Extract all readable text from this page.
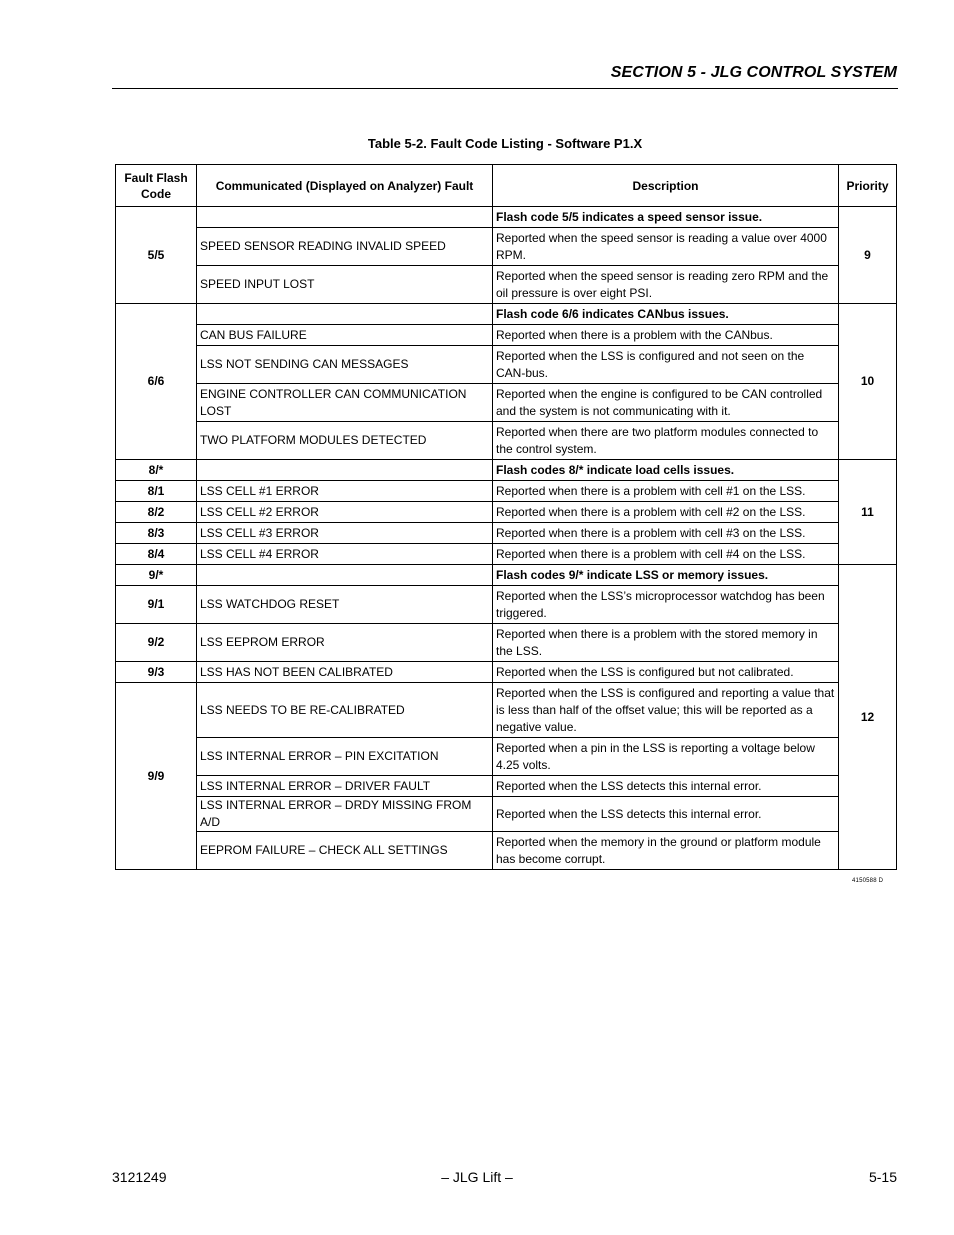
SECTION 5 - JLG CONTROL SYSTEM
Table 5-2. Fault Code Listing - Software P1.X
Fault Flash Code	Communicated (Displayed on Analyzer) Fault	Description	Priority
5/5		Flash code 5/5 indicates a speed sensor issue.	9
	SPEED SENSOR READING INVALID SPEED	Reported when the speed sensor is reading a value over 4000 RPM.	
	SPEED INPUT LOST	Reported when the speed sensor is reading zero RPM and the oil pressure is over eight PSI.	
6/6		Flash code 6/6 indicates CANbus issues.	10
	CAN BUS FAILURE	Reported when there is a problem with the CANbus.	
	LSS NOT SENDING CAN MESSAGES	Reported when the LSS is configured and not seen on the CAN-bus.	
	ENGINE CONTROLLER CAN COMMUNICATION LOST	Reported when the engine is configured to be CAN controlled and the system is not communicating with it.	
	TWO PLATFORM MODULES DETECTED	Reported when there are two platform modules connected to the control system.	
8/*		Flash codes 8/* indicate load cells issues.	11
8/1	LSS CELL #1 ERROR	Reported when there is a problem with cell #1 on the LSS.	
8/2	LSS CELL #2 ERROR	Reported when there is a problem with cell #2 on the LSS.	
8/3	LSS CELL #3 ERROR	Reported when there is a problem with cell #3 on the LSS.	
8/4	LSS CELL #4 ERROR	Reported when there is a problem with cell #4 on the LSS.	
9/*		Flash codes 9/* indicate LSS or memory issues.	12
9/1	LSS WATCHDOG RESET	Reported when the LSS’s microprocessor watchdog has been triggered.	
9/2	LSS EEPROM ERROR	Reported when there is a problem with the stored memory in the LSS.	
9/3	LSS HAS NOT BEEN CALIBRATED	Reported when the LSS is configured but not calibrated.	
9/9	LSS NEEDS TO BE RE-CALIBRATED	Reported when the LSS is configured and reporting a value that is less than half of the offset value; this will be reported as a negative value.	
	LSS INTERNAL ERROR – PIN EXCITATION	Reported when a pin in the LSS is reporting a voltage below 4.25 volts.	
	LSS INTERNAL ERROR – DRIVER FAULT	Reported when the LSS detects this internal error.	
	LSS INTERNAL ERROR – DRDY MISSING FROM A/D	Reported when the LSS detects this internal error.	
	EEPROM FAILURE – CHECK ALL SETTINGS	Reported when the memory in the ground or platform module has become corrupt.	
4150588 D
3121249	– JLG Lift –	5-15
